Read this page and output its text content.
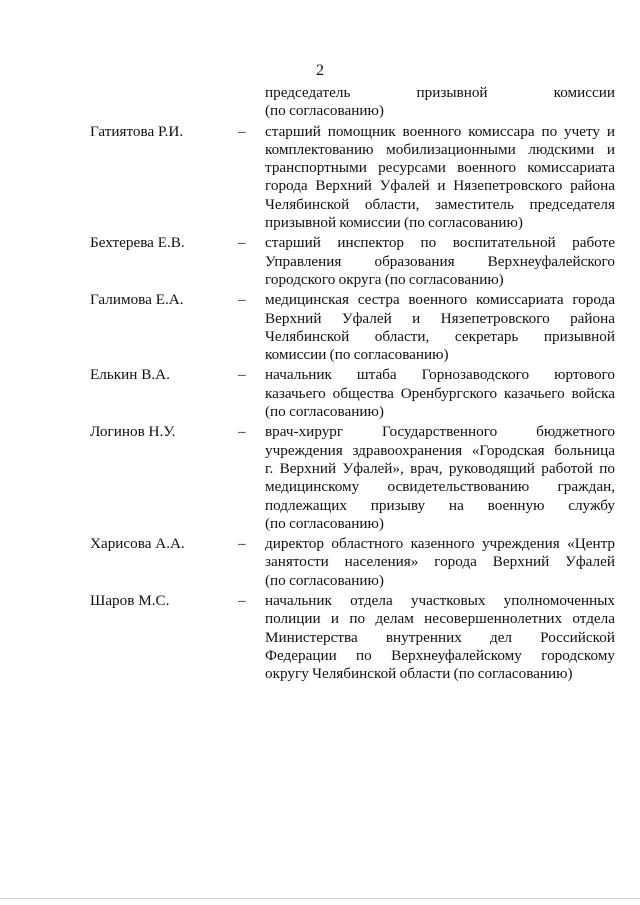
2
председатель призывной комиссии
(по согласованию)
Гатиятова Р.И.	– старший помощник военного комиссара по учету и
комплектованию мобилизационными людскими и
транспортными ресурсами военного комиссариата
города Верхний Уфалей и Нязепетровского района
Челябинской области, заместитель председателя
призывной комиссии (по согласованию)
Бехтерева Е.В.	– старший инспектор по воспитательной работе
Управления образования Верхнеуфалейского
городского округа (по согласованию)
Галимова Е.А.	– медицинская сестра военного комиссариата города
Верхний Уфалей и Нязепетровского района
Челябинской области, секретарь призывной
комиссии (по согласованию)
Елькин В.А.	– начальник штаба Горнозаводского юртового
казачьего общества Оренбургского казачьего войска
(по согласованию)
Логинов Н.У.	– врач-хирург Государственного бюджетного
учреждения здравоохранения «Городская больница
г. Верхний Уфалей», врач, руководящий работой по
медицинскому освидетельствованию граждан,
подлежащих призыву на военную службу
(по согласованию)
Харисова А.А.	– директор областного казенного учреждения «Центр
занятости населения» города Верхний Уфалей
(по согласованию)
Шаров М.С.	– начальник отдела участковых уполномоченных
полиции и по делам несовершеннолетних отдела
Министерства внутренних дел Российской
Федерации по Верхнеуфалейскому городскому
округу Челябинской области (по согласованию)
